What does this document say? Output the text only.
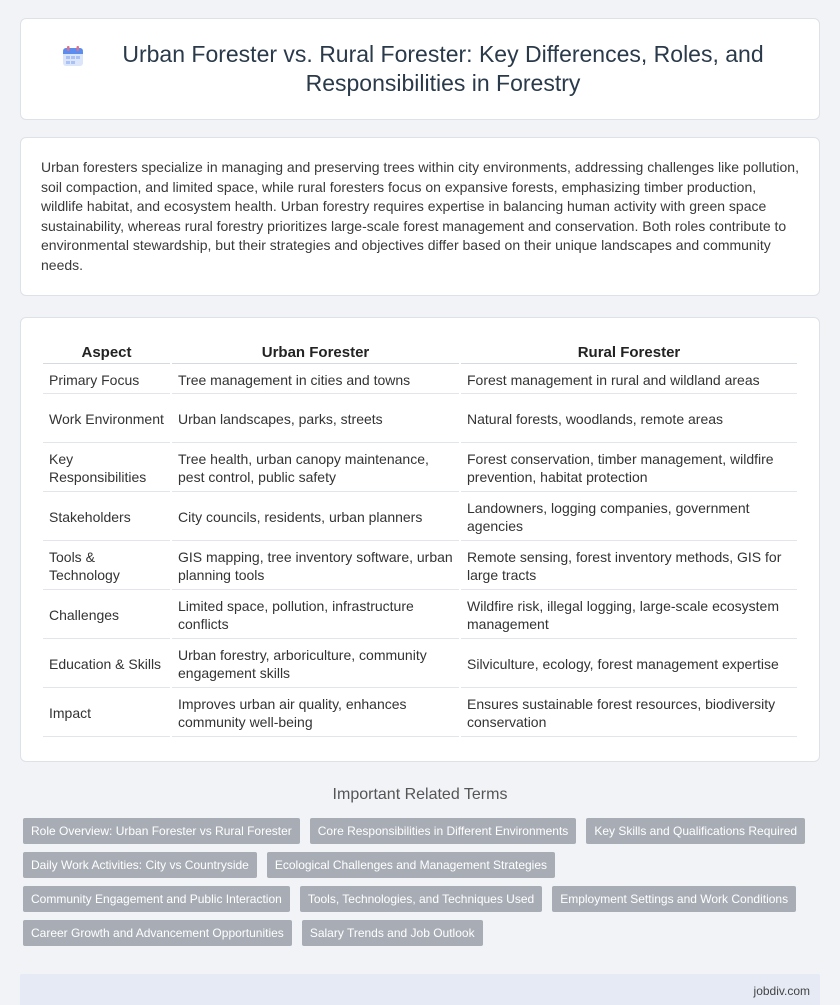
Urban Forester vs. Rural Forester: Key Differences, Roles, and Responsibilities in Forestry

Urban foresters specialize in managing and preserving trees within city environments, addressing challenges like pollution, soil compaction, and limited space, while rural foresters focus on expansive forests, emphasizing timber production, wildlife habitat, and ecosystem health. Urban forestry requires expertise in balancing human activity with green space sustainability, whereas rural forestry prioritizes large-scale forest management and conservation. Both roles contribute to environmental stewardship, but their strategies and objectives differ based on their unique landscapes and community needs.

Aspect	Urban Forester	Rural Forester
Primary Focus	Tree management in cities and towns	Forest management in rural and wildland areas
Work Environment	Urban landscapes, parks, streets	Natural forests, woodlands, remote areas
Key Responsibilities	Tree health, urban canopy maintenance, pest control, public safety	Forest conservation, timber management, wildfire prevention, habitat protection
Stakeholders	City councils, residents, urban planners	Landowners, logging companies, government agencies
Tools & Technology	GIS mapping, tree inventory software, urban planning tools	Remote sensing, forest inventory methods, GIS for large tracts
Challenges	Limited space, pollution, infrastructure conflicts	Wildfire risk, illegal logging, large-scale ecosystem management
Education & Skills	Urban forestry, arboriculture, community engagement skills	Silviculture, ecology, forest management expertise
Impact	Improves urban air quality, enhances community well-being	Ensures sustainable forest resources, biodiversity conservation
Important Related Terms
Role Overview: Urban Forester vs Rural Forester	Core Responsibilities in Different Environments	Key Skills and Qualifications Required
Daily Work Activities: City vs Countryside	Ecological Challenges and Management Strategies
Community Engagement and Public Interaction	Tools, Technologies, and Techniques Used	Employment Settings and Work Conditions
Career Growth and Advancement Opportunities	Salary Trends and Job Outlook
jobdiv.com
